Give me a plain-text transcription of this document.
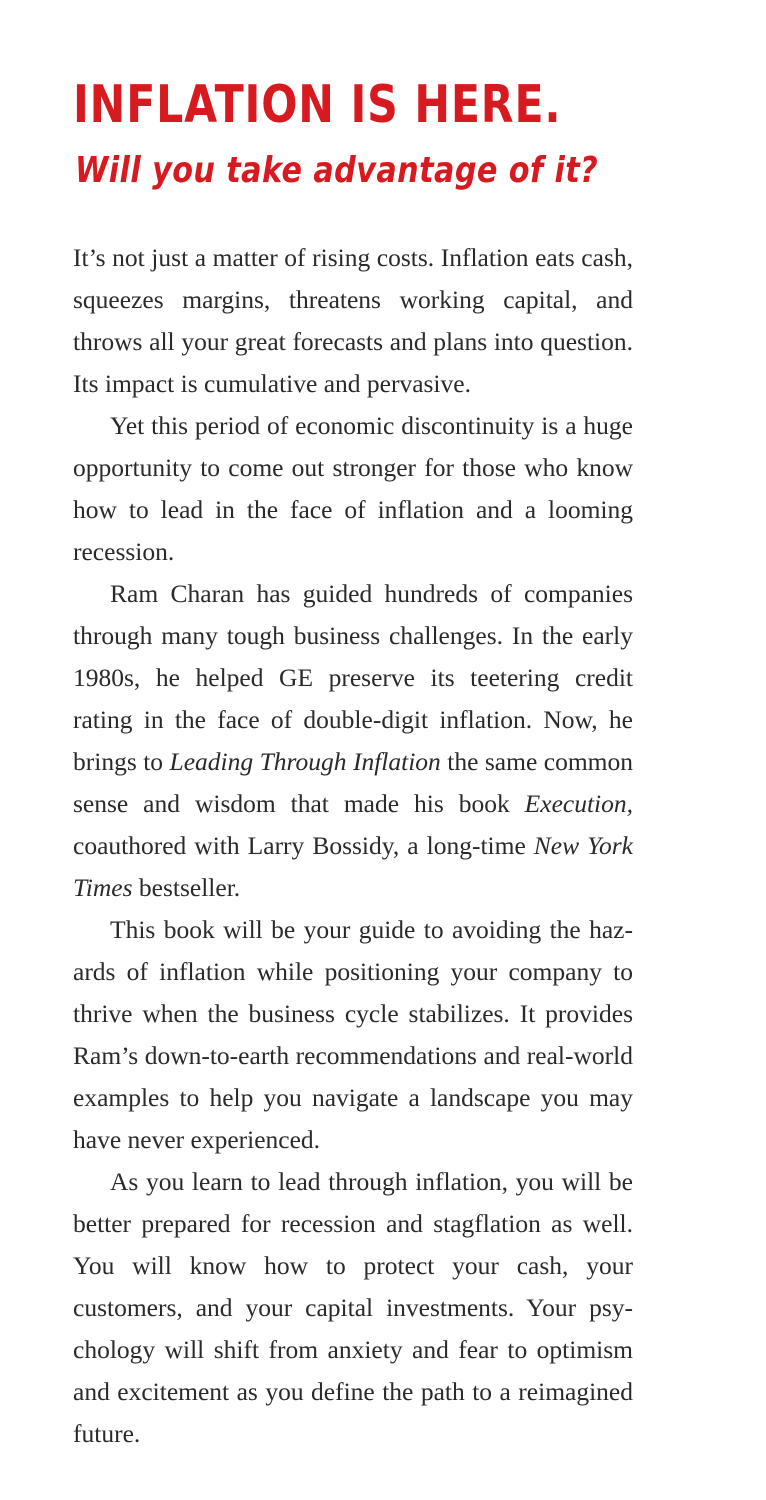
INFLATION IS HERE.
Will you take advantage of it?

It’s not just a matter of rising costs. Inflation eats cash, squeezes margins, threatens working capital, and throws all your great forecasts and plans into question. Its impact is cumulative and pervasive.

Yet this period of economic discontinuity is a huge opportunity to come out stronger for those who know how to lead in the face of inflation and a looming recession.

Ram Charan has guided hundreds of companies through many tough business challenges. In the early 1980s, he helped GE preserve its teetering credit rating in the face of double-digit inflation. Now, he brings to Leading Through Inflation the same common sense and wisdom that made his book Execution, coauthored with Larry Bossidy, a long-time New York Times bestseller.

This book will be your guide to avoiding the hazards of inflation while positioning your company to thrive when the business cycle stabilizes. It provides Ram’s down-to-earth recommendations and real-world examples to help you navigate a landscape you may have never experienced.

As you learn to lead through inflation, you will be better prepared for recession and stagflation as well. You will know how to protect your cash, your customers, and your capital investments. Your psychology will shift from anxiety and fear to optimism and excitement as you define the path to a reimagined future.
